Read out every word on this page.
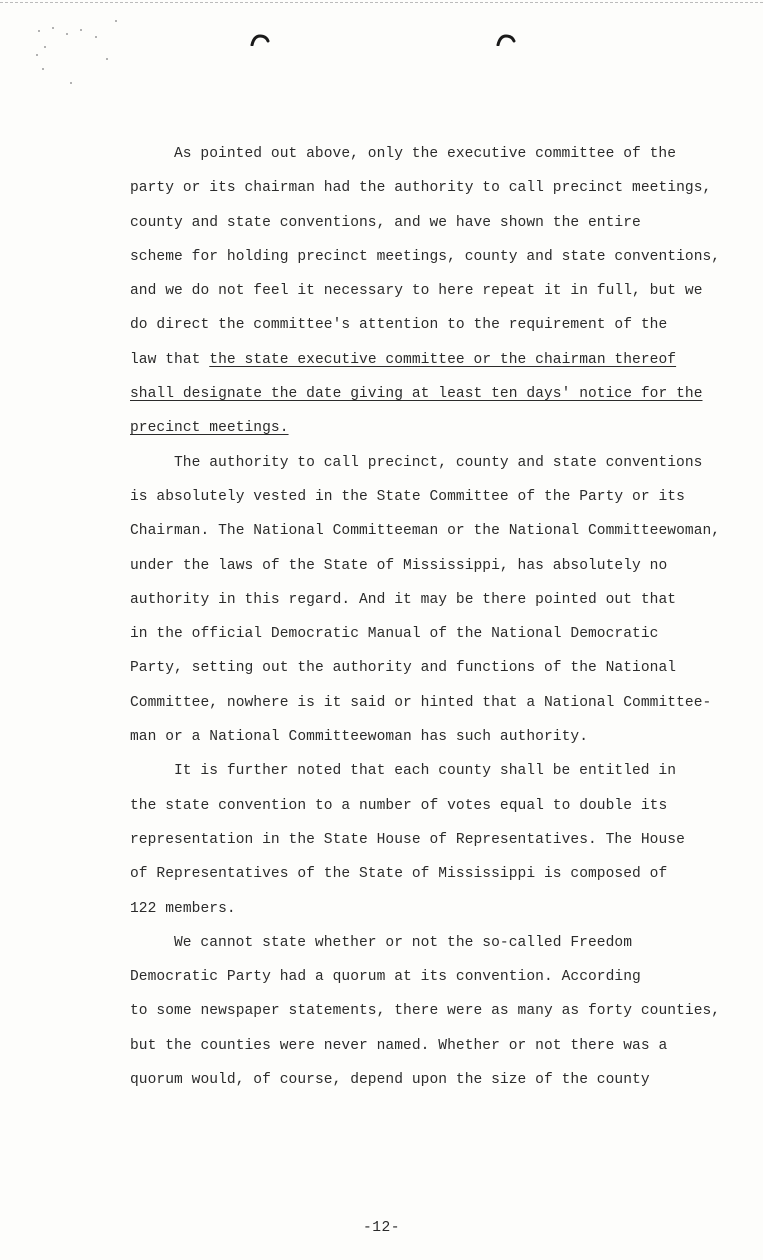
As pointed out above, only the executive committee of the
party or its chairman had the authority to call precinct meetings,
county and state conventions, and we have shown the entire
scheme for holding precinct meetings, county and state conventions,
and we do not feel it necessary to here repeat it in full, but we
do direct the committee's attention to the requirement of the
law that the state executive committee or the chairman thereof
shall designate the date giving at least ten days' notice for the
precinct meetings.
The authority to call precinct, county and state conventions
is absolutely vested in the State Committee of the Party or its
Chairman. The National Committeeman or the National Committeewoman,
under the laws of the State of Mississippi, has absolutely no
authority in this regard. And it may be there pointed out that
in the official Democratic Manual of the National Democratic
Party, setting out the authority and functions of the National
Committee, nowhere is it said or hinted that a National Committee-
man or a National Committeewoman has such authority.
It is further noted that each county shall be entitled in
the state convention to a number of votes equal to double its
representation in the State House of Representatives. The House
of Representatives of the State of Mississippi is composed of
122 members.
We cannot state whether or not the so-called Freedom
Democratic Party had a quorum at its convention. According
to some newspaper statements, there were as many as forty counties,
but the counties were never named. Whether or not there was a
quorum would, of course, depend upon the size of the county
-12-
